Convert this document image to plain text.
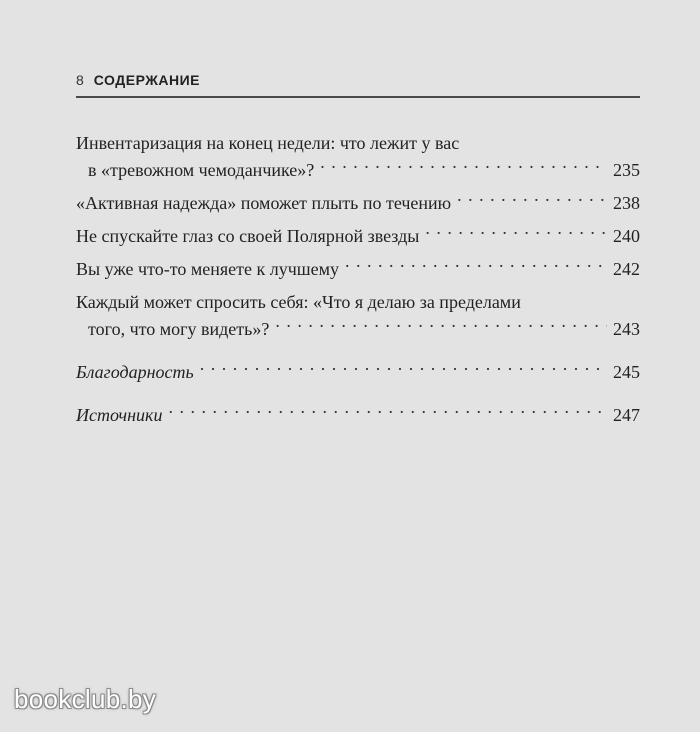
8 СОДЕРЖАНИЕ
Инвентаризация на конец недели: что лежит у вас
в «тревожном чемоданчике»? . . .	235
«Активная надежда» поможет плыть по течению . . .	238
Не спускайте глаз со своей Полярной звезды . . .	240
Вы уже что-то меняете к лучшему . . .	242
Каждый может спросить себя: «Что я делаю за пределами
того, что могу видеть»? . . .	243
Благодарность . . .	245
Источники . . .	247
bookclub.by
